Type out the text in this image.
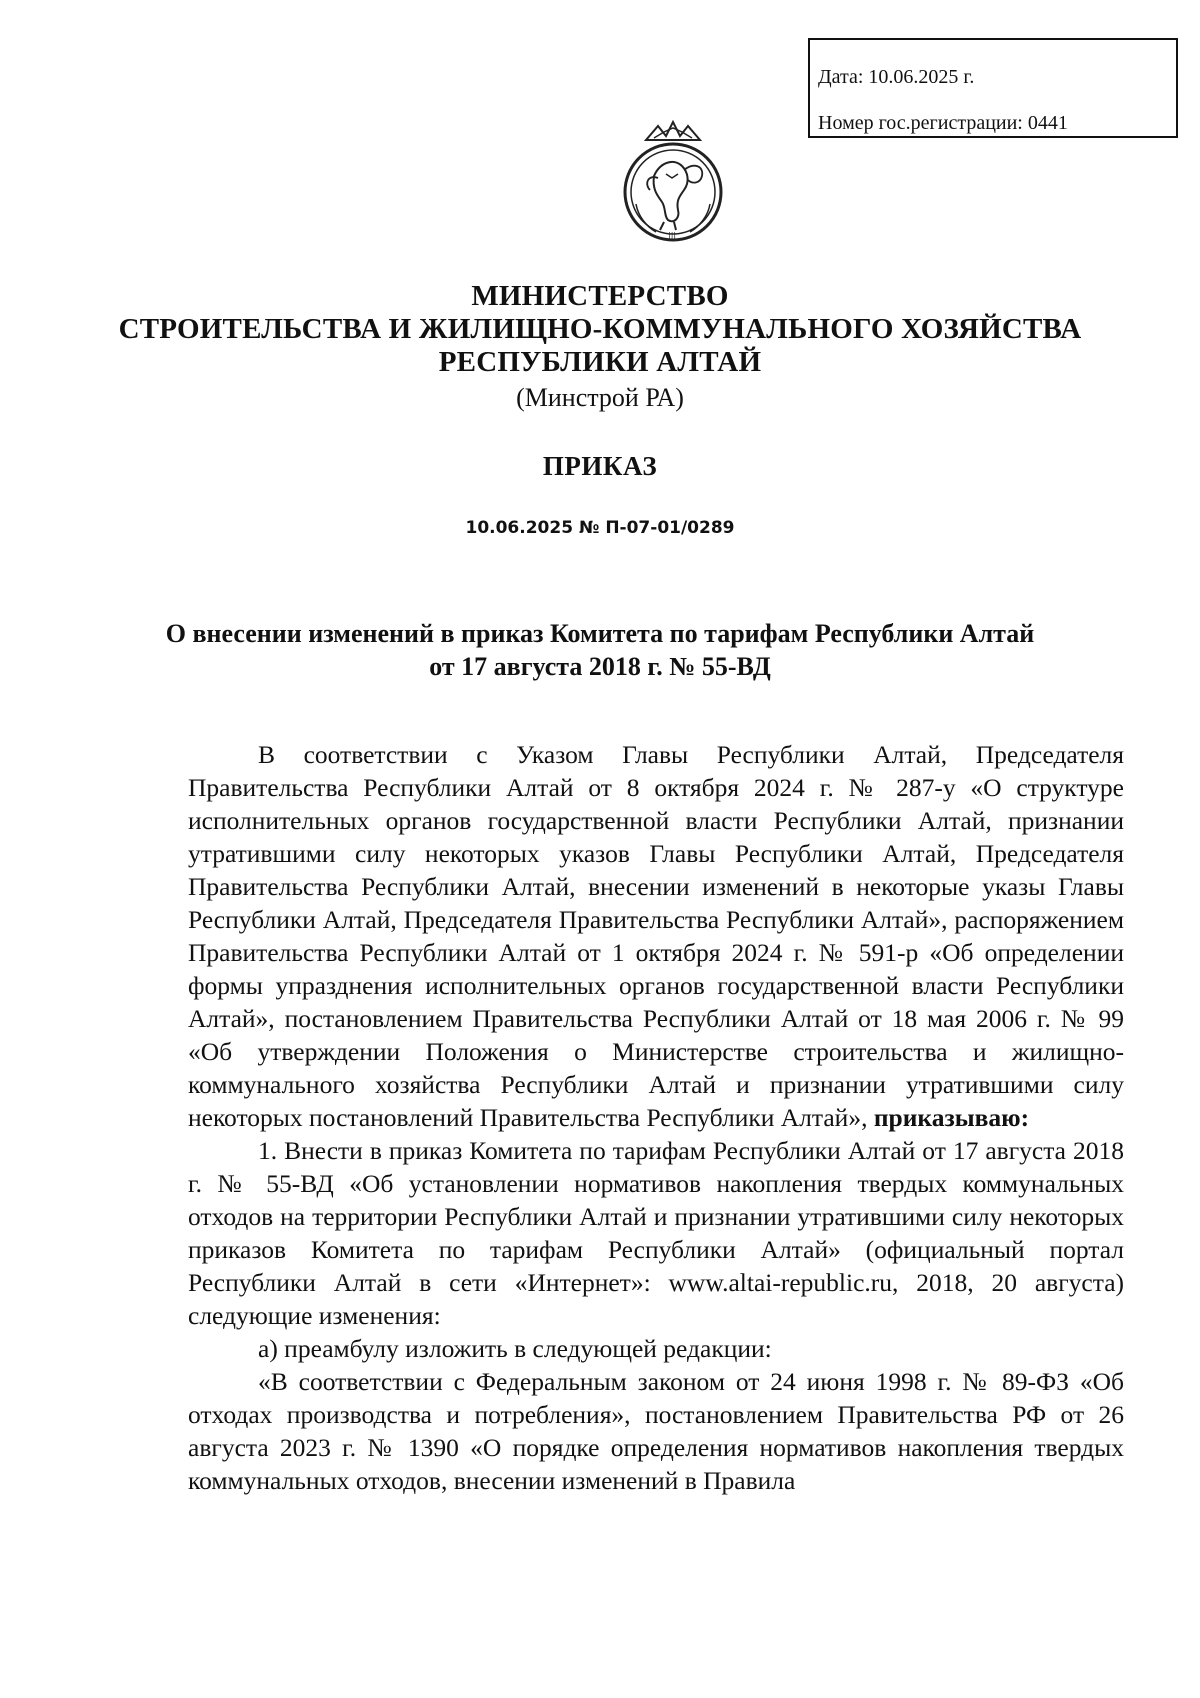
Дата: 10.06.2025 г.
Номер гос.регистрации: 0441
|||
МИНИСТЕРСТВО
СТРОИТЕЛЬСТВА И ЖИЛИЩНО-КОММУНАЛЬНОГО ХОЗЯЙСТВА
РЕСПУБЛИКИ АЛТАЙ
(Минстрой РА)
ПРИКАЗ
10.06.2025 № П-07-01/0289
О внесении изменений в приказ Комитета по тарифам Республики Алтай
от 17 августа 2018 г. № 55-ВД

В соответствии с Указом Главы Республики Алтай, Председателя Правительства Республики Алтай от 8 октября 2024 г. № 287-у «О структуре исполнительных органов государственной власти Республики Алтай, признании утратившими силу некоторых указов Главы Республики Алтай, Председателя Правительства Республики Алтай, внесении изменений в некоторые указы Главы Республики Алтай, Председателя Правительства Республики Алтай», распоряжением Правительства Республики Алтай от 1 октября 2024 г. № 591-р «Об определении формы упразднения исполнительных органов государственной власти Республики Алтай», постановлением Правительства Республики Алтай от 18 мая 2006 г. № 99 «Об утверждении Положения о Министерстве строительства и жилищно-коммунального хозяйства Республики Алтай и признании утратившими силу некоторых постановлений Правительства Республики Алтай», приказываю:

1. Внести в приказ Комитета по тарифам Республики Алтай от 17 августа 2018 г. № 55-ВД «Об установлении нормативов накопления твердых коммунальных отходов на территории Республики Алтай и признании утратившими силу некоторых приказов Комитета по тарифам Республики Алтай» (официальный портал Республики Алтай в сети «Интернет»: www.altai-republic.ru, 2018, 20 августа) следующие изменения:

а) преамбулу изложить в следующей редакции:

«В соответствии с Федеральным законом от 24 июня 1998 г. № 89-ФЗ «Об отходах производства и потребления», постановлением Правительства РФ от 26 августа 2023 г. № 1390 «О порядке определения нормативов накопления твердых коммунальных отходов, внесении изменений в Правила
